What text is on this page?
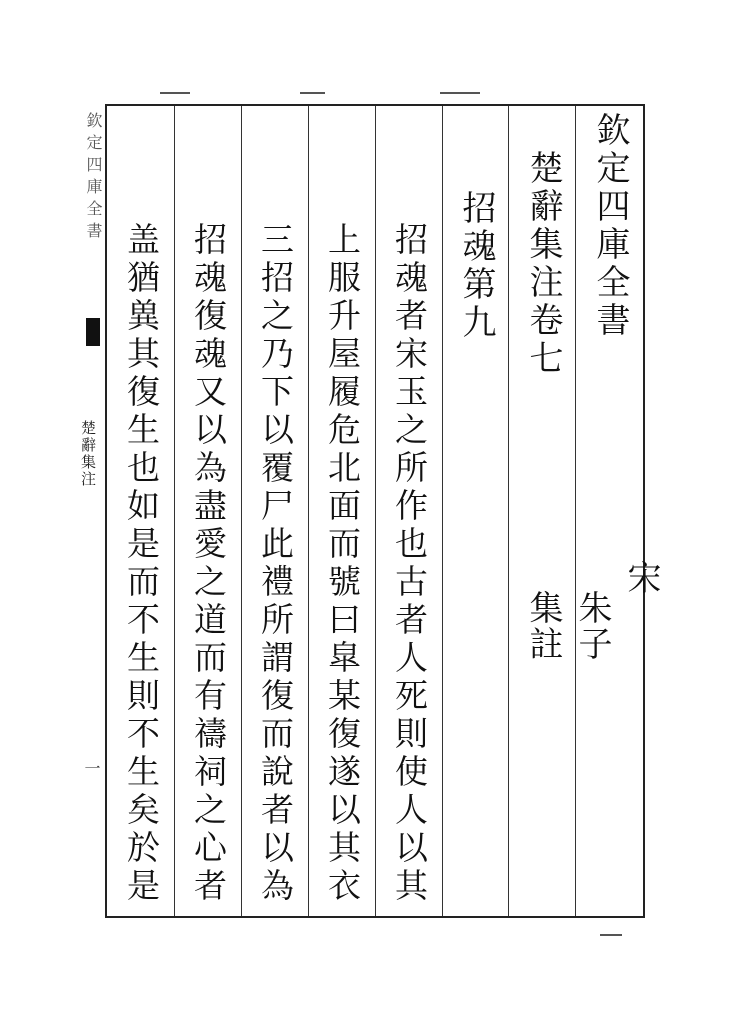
欽定四庫全書
楚辭集注卷七
宋
朱子
集註
招魂第九
招魂者宋玉之所作也古者人死則使人以其
上服升屋履危北面而號曰皐某復遂以其衣
三招之乃下以覆尸此禮所謂復而說者以為
招魂復魂又以為盡愛之道而有禱祠之心者
盖猶兾其復生也如是而不生則不生矣於是
欽定四庫全書
楚辭集注
一
